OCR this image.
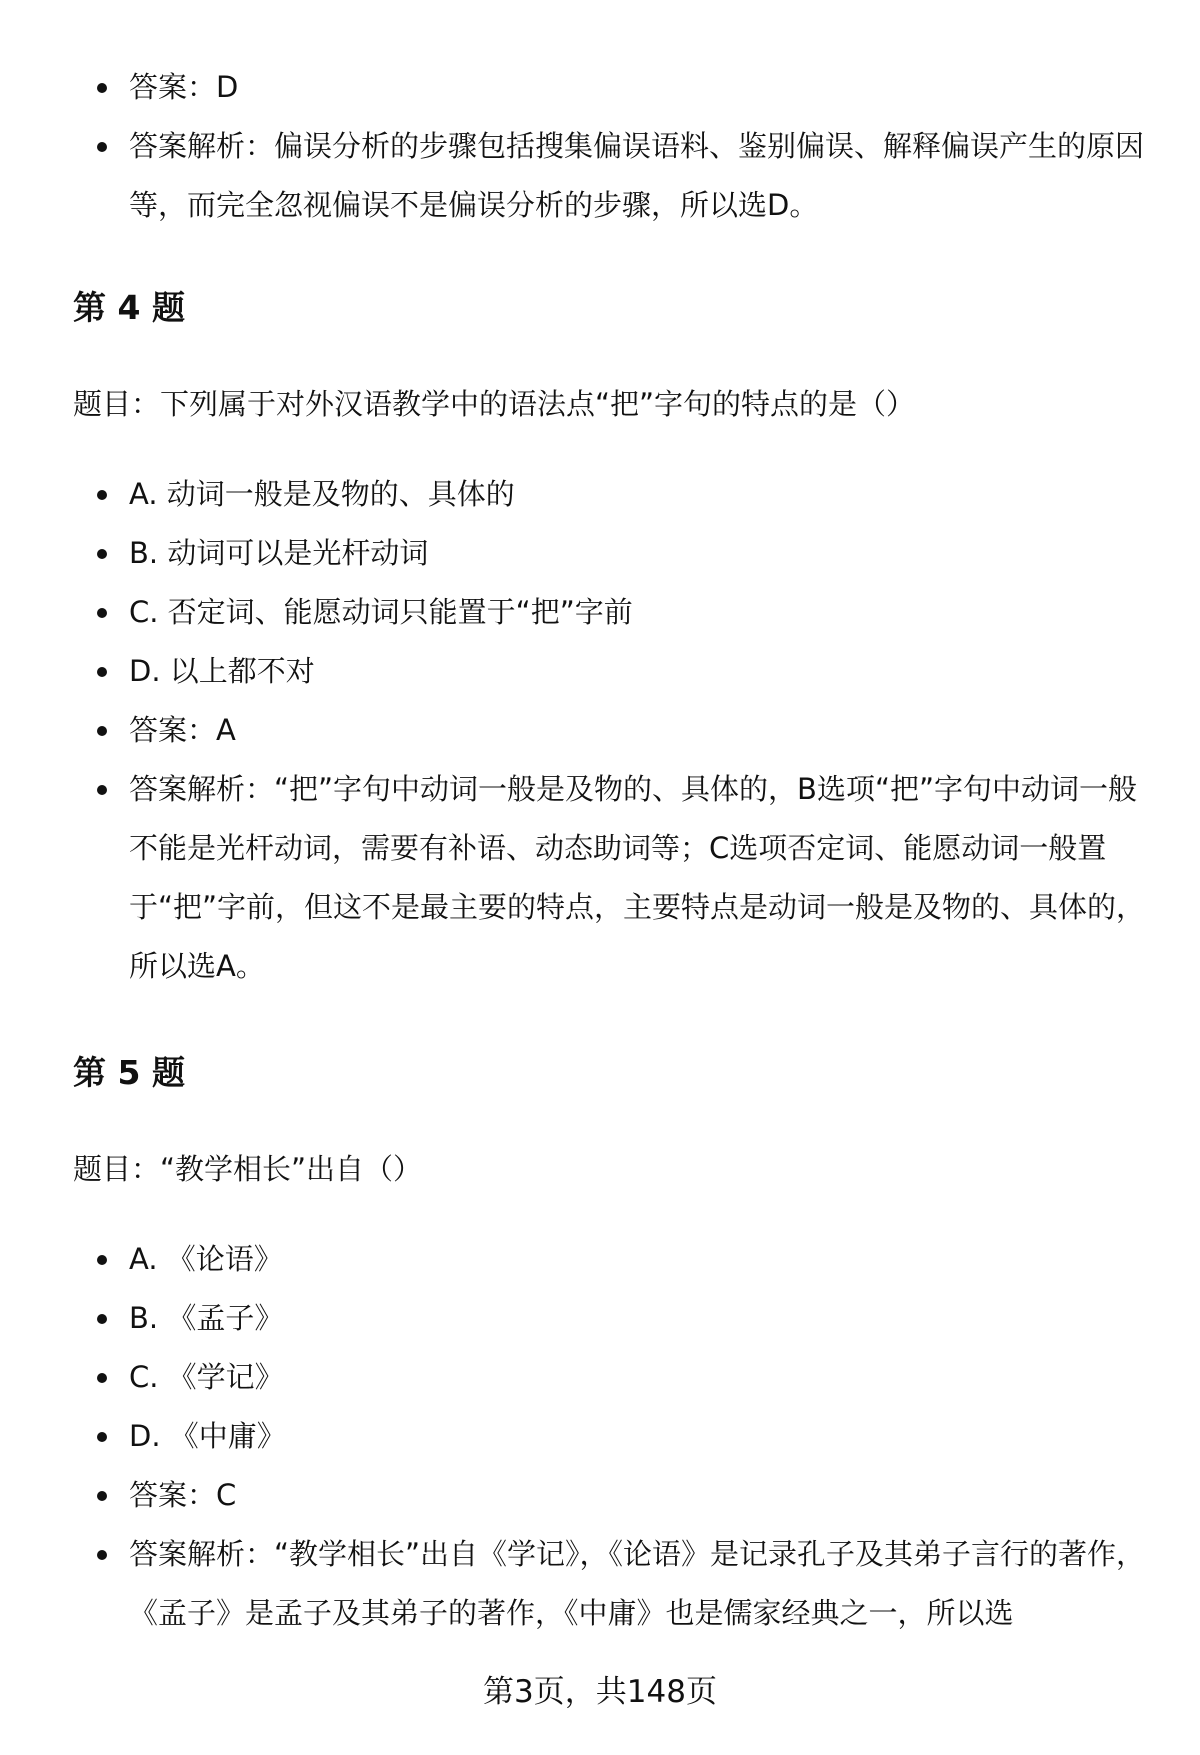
答案：D
答案解析：偏误分析的步骤包括搜集偏误语料、鉴别偏误、解释偏误产生的原因等，而完全忽视偏误不是偏误分析的步骤，所以选D。
第 4 题
题目：下列属于对外汉语教学中的语法点“把”字句的特点的是（）
A. 动词一般是及物的、具体的
B. 动词可以是光杆动词
C. 否定词、能愿动词只能置于“把”字前
D. 以上都不对
答案：A
答案解析：“把”字句中动词一般是及物的、具体的，B选项“把”字句中动词一般不能是光杆动词，需要有补语、动态助词等；C选项否定词、能愿动词一般置于“把”字前，但这不是最主要的特点，主要特点是动词一般是及物的、具体的，所以选A。
第 5 题
题目：“教学相长”出自（）
A. 《论语》
B. 《孟子》
C. 《学记》
D. 《中庸》
答案：C
答案解析：“教学相长”出自《学记》，《论语》是记录孔子及其弟子言行的著作，《孟子》是孟子及其弟子的著作，《中庸》也是儒家经典之一，所以选
第3页，共148页
